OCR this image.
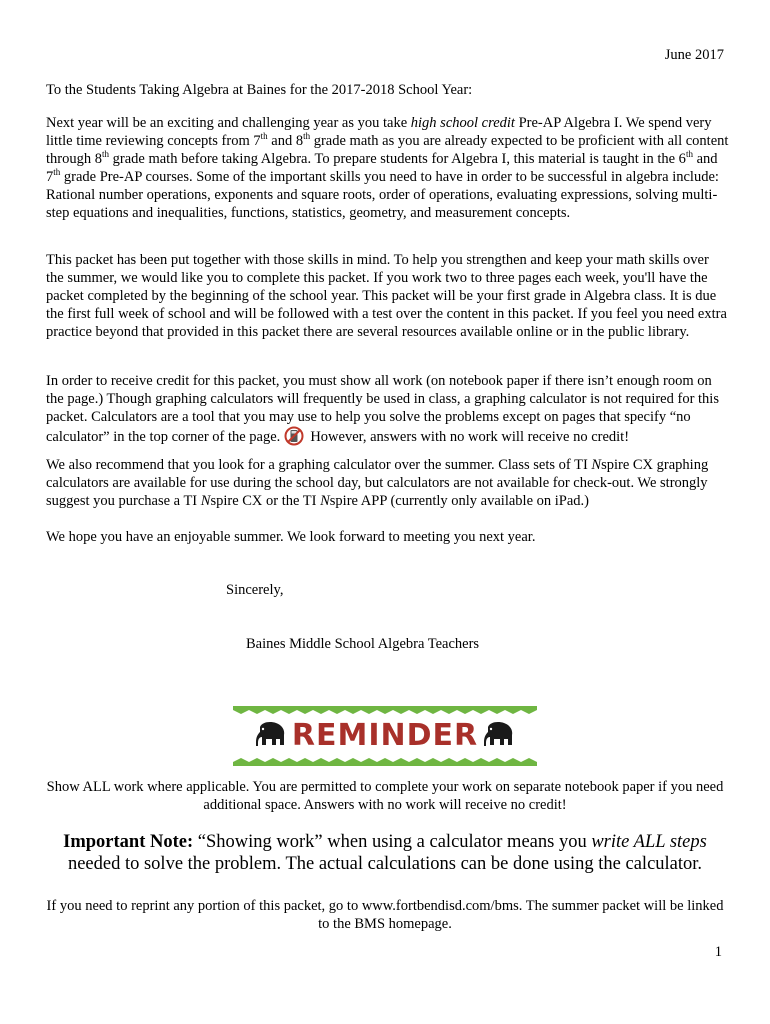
June 2017
To the Students Taking Algebra at Baines for the 2017-2018 School Year:

Next year will be an exciting and challenging year as you take high school credit Pre-AP Algebra I. We spend very little time reviewing concepts from 7th and 8th grade math as you are already expected to be proficient with all content through 8th grade math before taking Algebra. To prepare students for Algebra I, this material is taught in the 6th and 7th grade Pre-AP courses. Some of the important skills you need to have in order to be successful in algebra include: Rational number operations, exponents and square roots, order of operations, evaluating expressions, solving multi-step equations and inequalities, functions, statistics, geometry, and measurement concepts.

This packet has been put together with those skills in mind. To help you strengthen and keep your math skills over the summer, we would like you to complete this packet. If you work two to three pages each week, you'll have the packet completed by the beginning of the school year. This packet will be your first grade in Algebra class. It is due the first full week of school and will be followed with a test over the content in this packet. If you feel you need extra practice beyond that provided in this packet there are several resources available online or in the public library.

In order to receive credit for this packet, you must show all work (on notebook paper if there isn’t enough room on the page.) Though graphing calculators will frequently be used in class, a graphing calculator is not required for this packet. Calculators are a tool that you may use to help you solve the problems except on pages that specify “no calculator” in the top corner of the page. However, answers with no work will receive no credit!

We also recommend that you look for a graphing calculator over the summer. Class sets of TI Nspire CX graphing calculators are available for use during the school day, but calculators are not available for check-out. We strongly suggest you purchase a TI Nspire CX or the TI Nspire APP (currently only available on iPad.)

We hope you have an enjoyable summer. We look forward to meeting you next year.

Sincerely,
Baines Middle School Algebra Teachers
REMINDER

Show ALL work where applicable. You are permitted to complete your work on separate notebook paper if you need additional space. Answers with no work will receive no credit!

Important Note: “Showing work” when using a calculator means you write ALL steps needed to solve the problem. The actual calculations can be done using the calculator.

If you need to reprint any portion of this packet, go to www.fortbendisd.com/bms. The summer packet will be linked to the BMS homepage.

1
